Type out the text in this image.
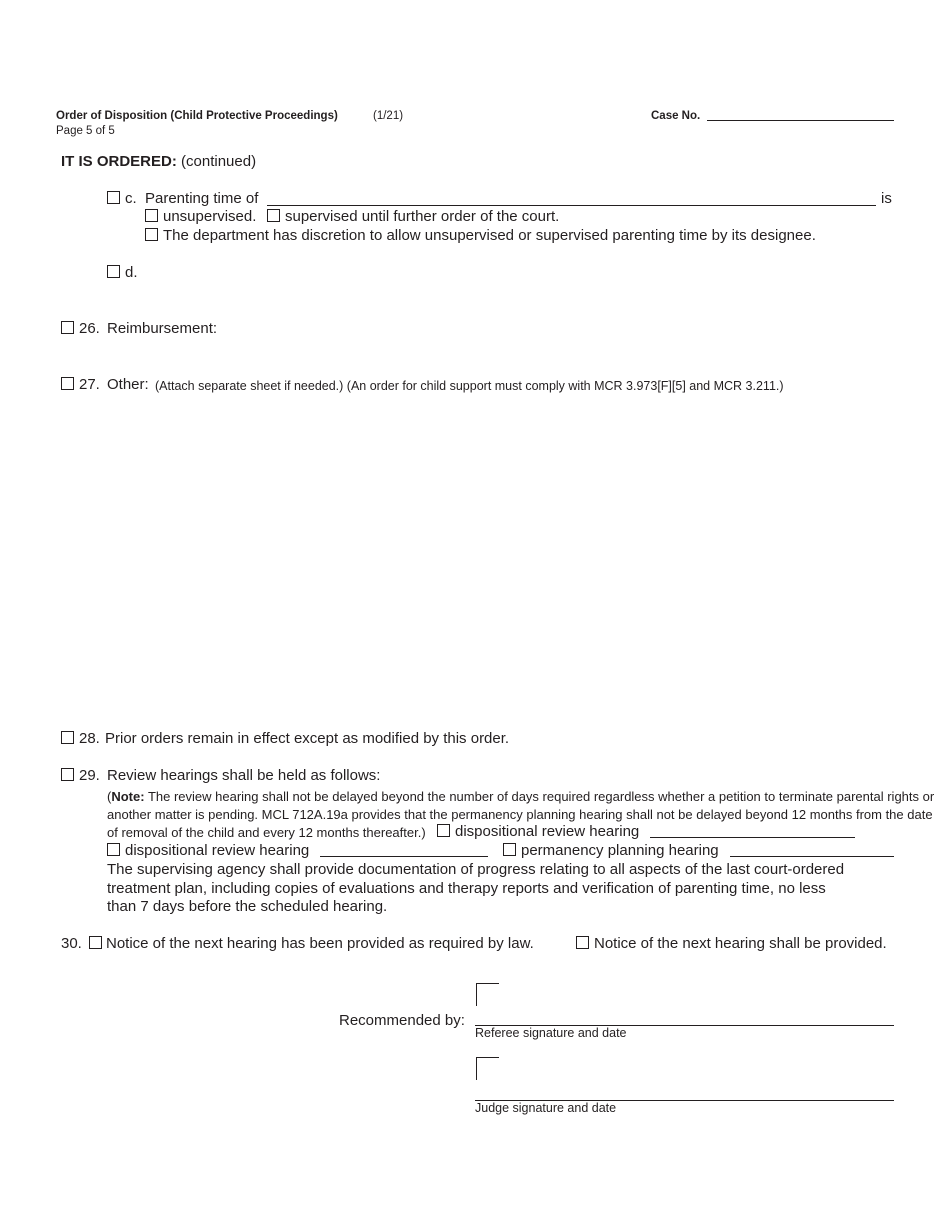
Order of Disposition (Child Protective Proceedings)	(1/21)
Page 5 of 5
Case No.
IT IS ORDERED: (continued)
c. Parenting time of	is
unsupervised. supervised until further order of the court.
The department has discretion to allow unsupervised or supervised parenting time by its designee.
d.
26. Reimbursement:
27. Other: (Attach separate sheet if needed.) (An order for child support must comply with MCR 3.973[F][5] and MCR 3.211.)
28. Prior orders remain in effect except as modified by this order.
29. Review hearings shall be held as follows:
(Note: The review hearing shall not be delayed beyond the number of days required regardless whether a petition to terminate parental rights or
another matter is pending. MCL 712A.19a provides that the permanency planning hearing shall not be delayed beyond 12 months from the date
of removal of the child and every 12 months thereafter.) dispositional review hearing
dispositional review hearing	permanency planning hearing
The supervising agency shall provide documentation of progress relating to all aspects of the last court-ordered
treatment plan, including copies of evaluations and therapy reports and verification of parenting time, no less
than 7 days before the scheduled hearing.
30. Notice of the next hearing has been provided as required by law.	Notice of the next hearing shall be provided.
Recommended by:
Referee signature and date
Judge signature and date
